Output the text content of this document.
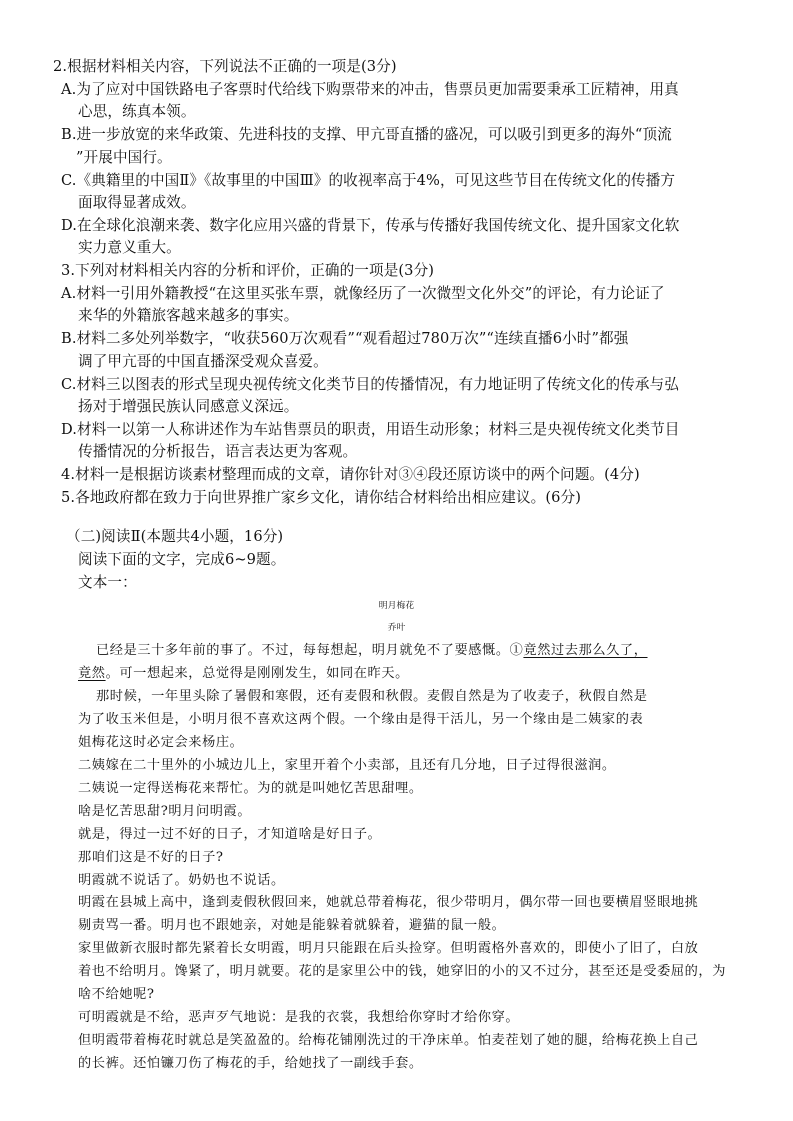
2.根据材料相关内容，下列说法不正确的一项是(3分)
A.为了应对中国铁路电子客票时代给线下购票带来的冲击，售票员更加需要秉承工匠精神，用真
心思，练真本领。
B.进一步放宽的来华政策、先进科技的支撑、甲亢哥直播的盛况，可以吸引到更多的海外“顶流
”开展中国行。
C.《典籍里的中国Ⅱ》《故事里的中国Ⅲ》的收视率高于4%，可见这些节目在传统文化的传播方
面取得显著成效。
D.在全球化浪潮来袭、数字化应用兴盛的背景下，传承与传播好我国传统文化、提升国家文化软
实力意义重大。
3.下列对材料相关内容的分析和评价，正确的一项是(3分)
A.材料一引用外籍教授“在这里买张车票，就像经历了一次微型文化外交”的评论，有力论证了
来华的外籍旅客越来越多的事实。
B.材料二多处列举数字，“收获560万次观看”“观看超过780万次”“连续直播6小时”都强
调了甲亢哥的中国直播深受观众喜爱。
C.材料三以图表的形式呈现央视传统文化类节目的传播情况，有力地证明了传统文化的传承与弘
扬对于增强民族认同感意义深远。
D.材料一以第一人称讲述作为车站售票员的职责，用语生动形象；材料三是央视传统文化类节目
传播情况的分析报告，语言表达更为客观。
4.材料一是根据访谈素材整理而成的文章，请你针对③④段还原访谈中的两个问题。(4分)
5.各地政府都在致力于向世界推广家乡文化，请你结合材料给出相应建议。(6分)
（二)阅读Ⅱ(本题共4小题，16分)
阅读下面的文字，完成6~9题。
文本一：
明月梅花
乔叶
已经是三十多年前的事了。不过，每每想起，明月就免不了要感慨。①竟然过去那么久了，
竟然。可一想起来，总觉得是刚刚发生，如同在昨天。
那时候，一年里头除了暑假和寒假，还有麦假和秋假。麦假自然是为了收麦子，秋假自然是
为了收玉米但是，小明月很不喜欢这两个假。一个缘由是得干活儿，另一个缘由是二姨家的表
姐梅花这时必定会来杨庄。
二姨嫁在二十里外的小城边儿上，家里开着个小卖部，且还有几分地，日子过得很滋润。
二姨说一定得送梅花来帮忙。为的就是叫她忆苦思甜哩。
啥是忆苦思甜?明月问明霞。
就是，得过一过不好的日子，才知道啥是好日子。
那咱们这是不好的日子?
明霞就不说话了。奶奶也不说话。
明霞在县城上高中，逢到麦假秋假回来，她就总带着梅花，很少带明月，偶尔带一回也要横眉竖眼地挑
剔责骂一番。明月也不跟她亲，对她是能躲着就躲着，避猫的鼠一般。
家里做新衣服时都先紧着长女明霞，明月只能跟在后头捡穿。但明霞格外喜欢的，即使小了旧了，白放
着也不给明月。馋紧了，明月就要。花的是家里公中的钱，她穿旧的小的又不过分，甚至还是受委屈的，为
啥不给她呢?
可明霞就是不给，恶声歹气地说：是我的衣裳，我想给你穿时才给你穿。
但明霞带着梅花时就总是笑盈盈的。给梅花铺刚洗过的干净床单。怕麦茬划了她的腿，给梅花换上自己
的长裤。还怕镰刀伤了梅花的手，给她找了一副线手套。
